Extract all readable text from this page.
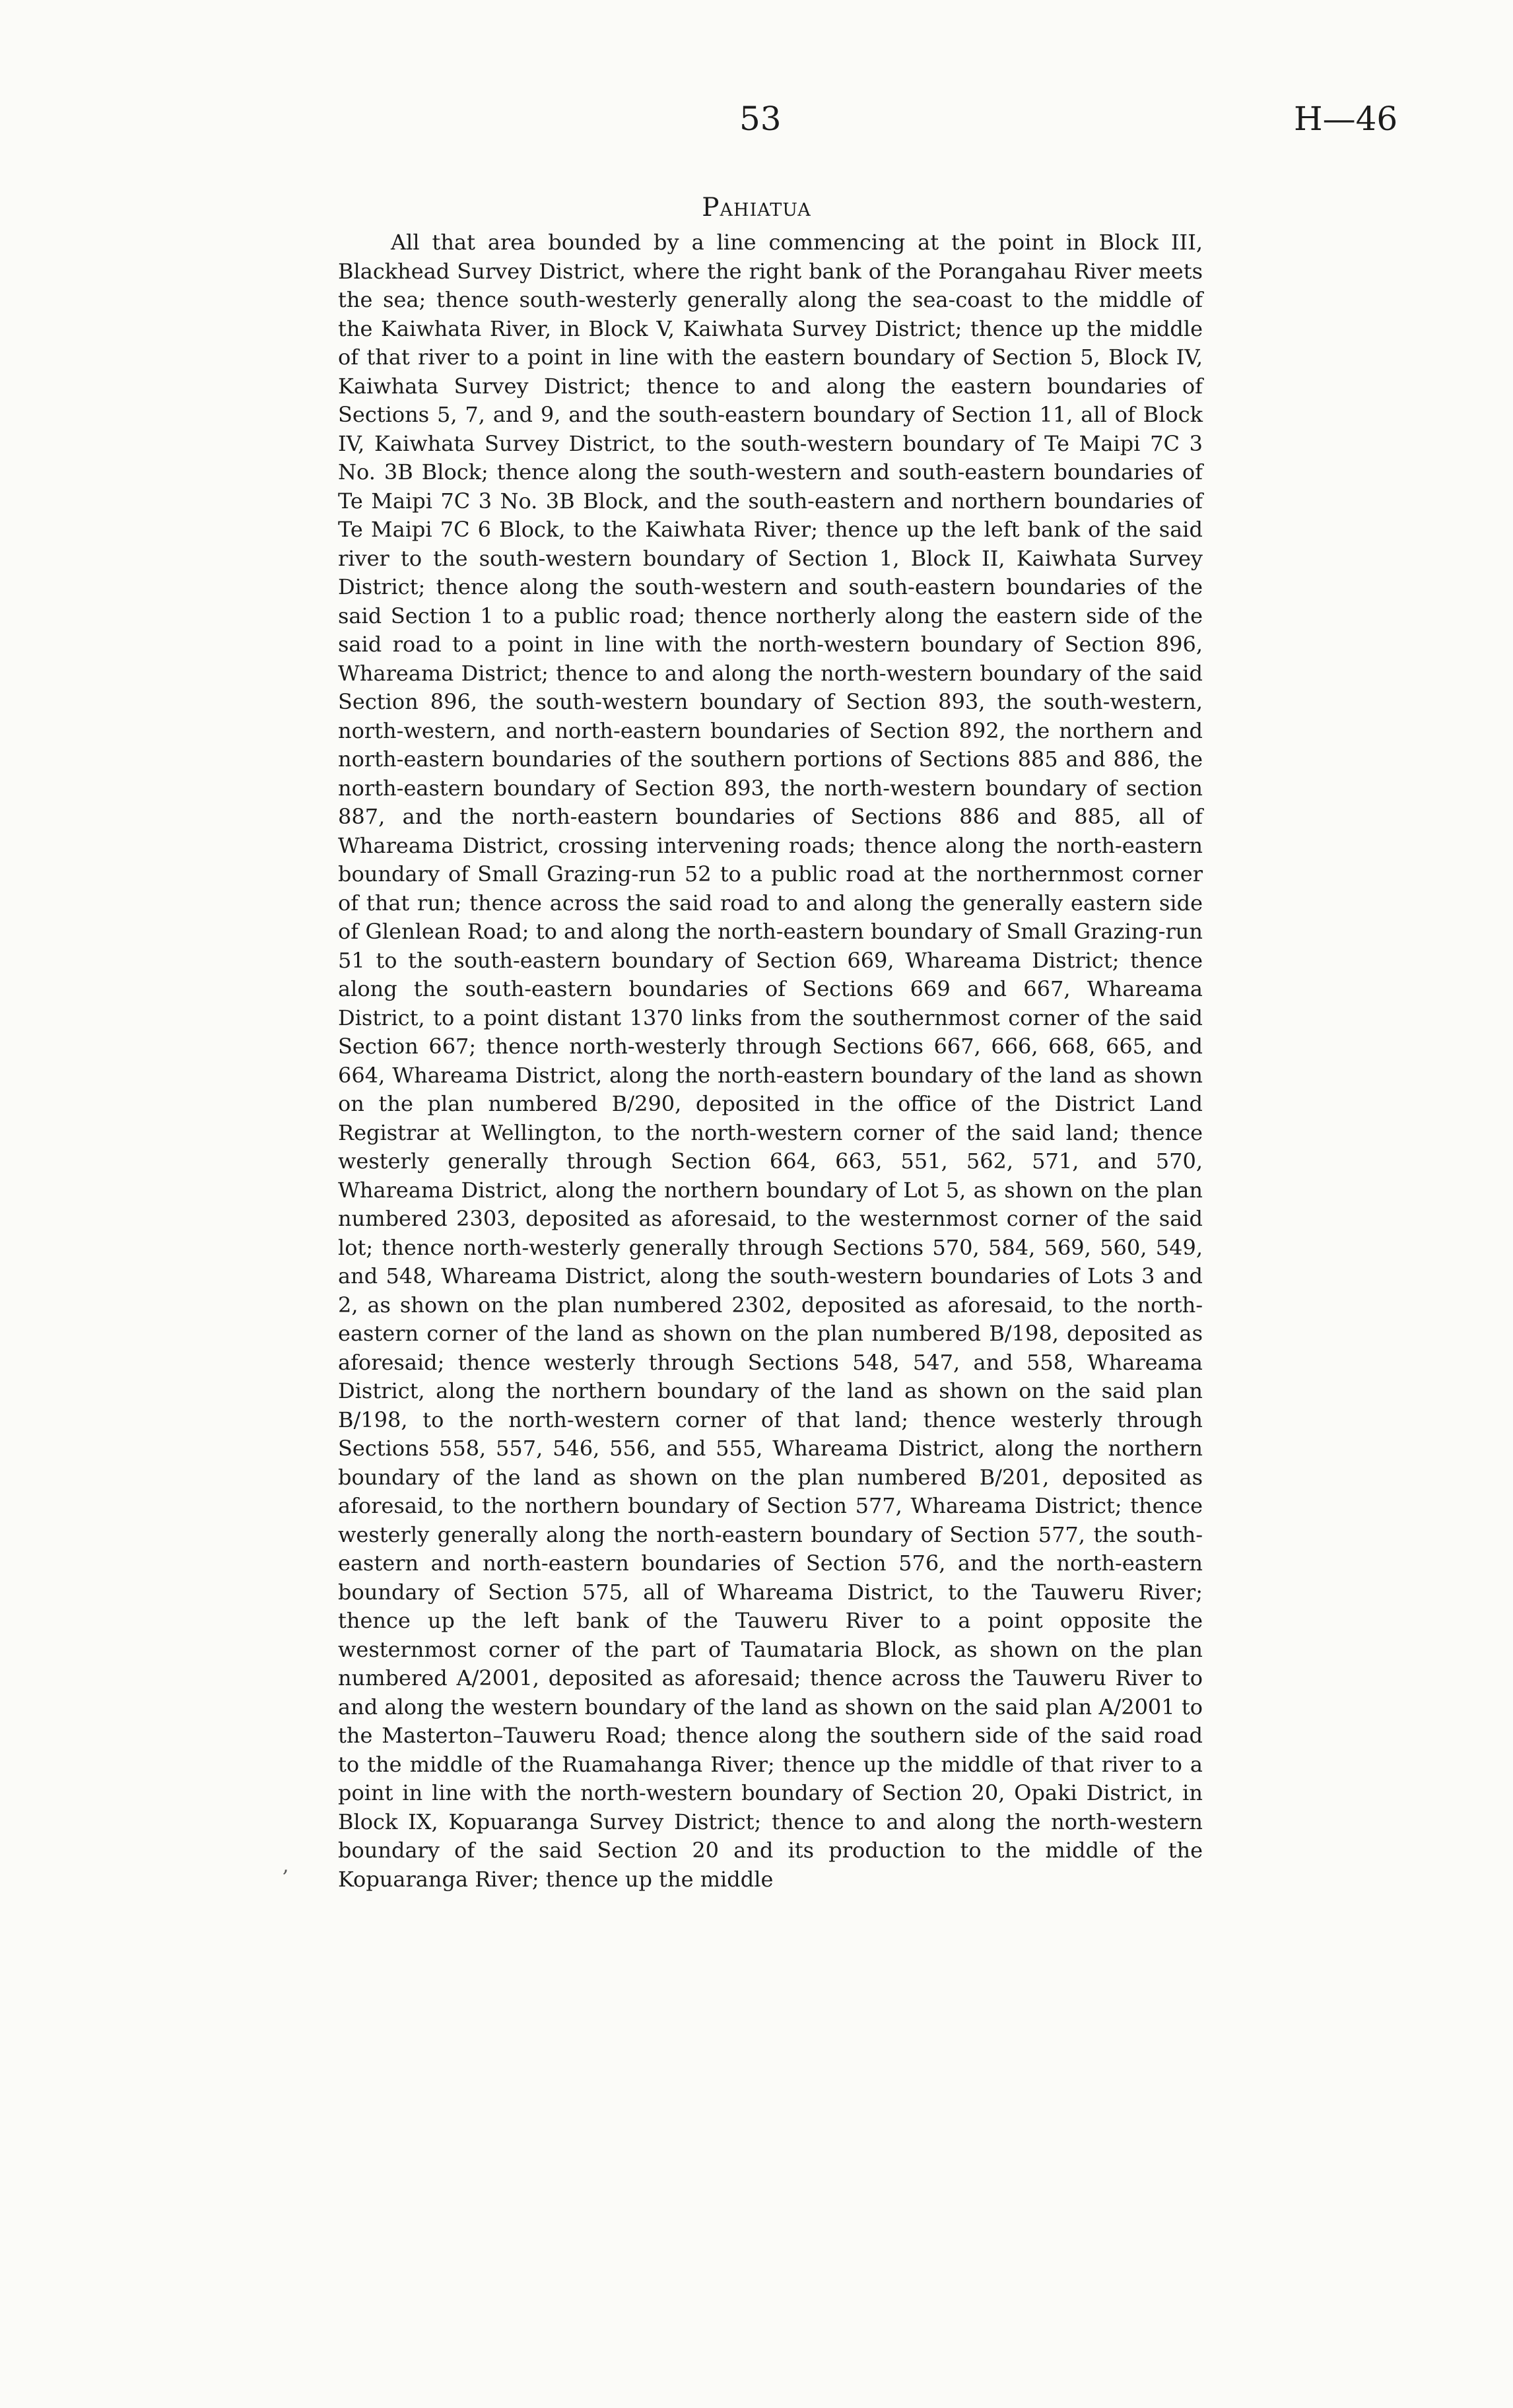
53	H—46
Pahiatua

All that area bounded by a line commencing at the point in Block III, Blackhead Survey District, where the right bank of the Porangahau River meets the sea; thence south-westerly generally along the sea-coast to the middle of the Kaiwhata River, in Block V, Kaiwhata Survey District; thence up the middle of that river to a point in line with the eastern boundary of Section 5, Block IV, Kaiwhata Survey District; thence to and along the eastern boundaries of Sections 5, 7, and 9, and the south-eastern boundary of Section 11, all of Block IV, Kaiwhata Survey District, to the south-western boundary of Te Maipi 7C 3 No. 3B Block; thence along the south-western and south-eastern boundaries of Te Maipi 7C 3 No. 3B Block, and the south-eastern and northern boundaries of Te Maipi 7C 6 Block, to the Kaiwhata River; thence up the left bank of the said river to the south-western boundary of Section 1, Block II, Kaiwhata Survey District; thence along the south-western and south-eastern boundaries of the said Section 1 to a public road; thence northerly along the eastern side of the said road to a point in line with the north-western boundary of Section 896, Whareama District; thence to and along the north-western boundary of the said Section 896, the south-western boundary of Section 893, the south-western, north-western, and north-eastern boundaries of Section 892, the northern and north-eastern boundaries of the southern portions of Sections 885 and 886, the north-eastern boundary of Section 893, the north-western boundary of section 887, and the north-eastern boundaries of Sections 886 and 885, all of Whareama District, crossing intervening roads; thence along the north-eastern boundary of Small Grazing-run 52 to a public road at the northernmost corner of that run; thence across the said road to and along the generally eastern side of Glenlean Road; to and along the north-eastern boundary of Small Grazing-run 51 to the south-eastern boundary of Section 669, Whareama District; thence along the south-eastern boundaries of Sections 669 and 667, Whareama District, to a point distant 1370 links from the southernmost corner of the said Section 667; thence north-westerly through Sections 667, 666, 668, 665, and 664, Whareama District, along the north-eastern boundary of the land as shown on the plan numbered B/290, deposited in the office of the District Land Registrar at Wellington, to the north-western corner of the said land; thence westerly generally through Section 664, 663, 551, 562, 571, and 570, Whareama District, along the northern boundary of Lot 5, as shown on the plan numbered 2303, deposited as aforesaid, to the westernmost corner of the said lot; thence north-westerly generally through Sections 570, 584, 569, 560, 549, and 548, Whareama District, along the south-western boundaries of Lots 3 and 2, as shown on the plan numbered 2302, deposited as aforesaid, to the north-eastern corner of the land as shown on the plan numbered B/198, deposited as aforesaid; thence westerly through Sections 548, 547, and 558, Whareama District, along the northern boundary of the land as shown on the said plan B/198, to the north-western corner of that land; thence westerly through Sections 558, 557, 546, 556, and 555, Whareama District, along the northern boundary of the land as shown on the plan numbered B/201, deposited as aforesaid, to the northern boundary of Section 577, Whareama District; thence westerly generally along the north-eastern boundary of Section 577, the south-eastern and north-eastern boundaries of Section 576, and the north-eastern boundary of Section 575, all of Whareama District, to the Tauweru River; thence up the left bank of the Tauweru River to a point opposite the westernmost corner of the part of Taumataria Block, as shown on the plan numbered A/2001, deposited as aforesaid; thence across the Tauweru River to and along the western boundary of the land as shown on the said plan A/2001 to the Masterton–Tauweru Road; thence along the southern side of the said road to the middle of the Ruamahanga River; thence up the middle of that river to a point in line with the north-western boundary of Section 20, Opaki District, in Block IX, Kopuaranga Survey District; thence to and along the north-western boundary of the said Section 20 and its production to the middle of the Kopuaranga River; thence up the middle

,
